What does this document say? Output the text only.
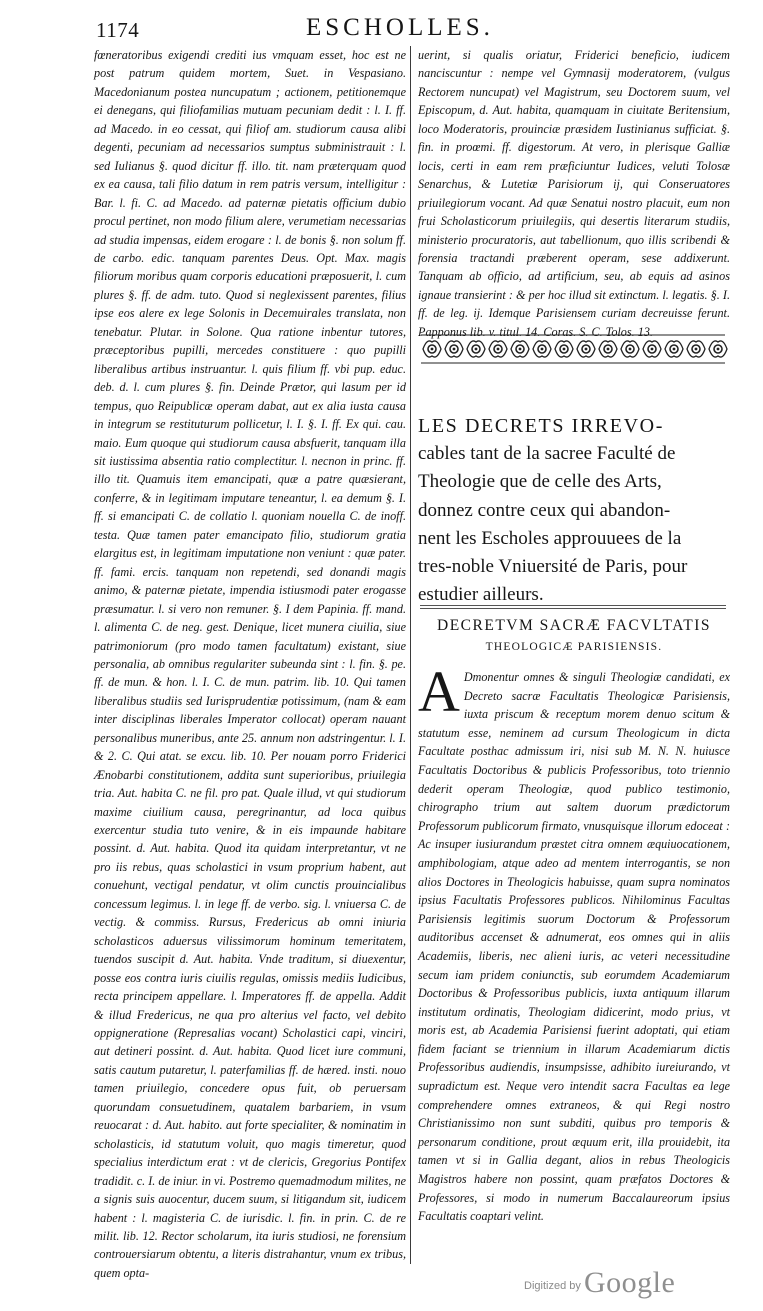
1174	ESCHOLLES.

fœneratoribus exigendi crediti ius vmquam esset, hoc est ne post patrum quidem mortem, Suet. in Vespasiano. Macedonianum postea nuncupatum ; actionem, petitionemque ei denegans, qui filiofamilias mutuam pecuniam dedit : l. I. ff. ad Macedo. in eo cessat, qui filiof am. studiorum causa alibi degenti, pecuniam ad necessarios sumptus subministrauit : l. sed Iulianus §. quod dicitur ff. illo. tit. nam præterquam quod ex ea causa, tali filio datum in rem patris versum, intelligitur : Bar. l. fi. C. ad Macedo. ad paternæ pietatis officium dubio procul pertinet, non modo filium alere, verumetiam necessarias ad studia impensas, eidem erogare : l. de bonis §. non solum ff. de carbo. edic. tanquam parentes Deus. Opt. Max. magis filiorum moribus quam corporis educationi præposuerit, l. cum plures §. ff. de adm. tuto. Quod si neglexissent parentes, filius ipse eos alere ex lege Solonis in Decemuirales translata, non tenebatur. Plutar. in Solone. Qua ratione inbentur tutores, præceptoribus pupilli, mercedes constituere : quo pupilli liberalibus artibus instruantur. l. quis filium ff. vbi pup. educ. deb. d. l. cum plures §. fin. Deinde Prætor, qui lasum per id tempus, quo Reipublicæ operam dabat, aut ex alia iusta causa in integrum se restituturum pollicetur, l. I. §. I. ff. Ex qui. cau. maio. Eum quoque qui studiorum causa absfuerit, tanquam illa sit iustissima absentia ratio complectitur. l. necnon in princ. ff. illo tit. Quamuis item emancipati, quæ a patre quæsierant, conferre, & in legitimam imputare teneantur, l. ea demum §. I. ff. si emancipati C. de collatio l. quoniam nouella C. de inoff. testa. Quæ tamen pater emancipato filio, studiorum gratia elargitus est, in legitimam imputatione non veniunt : quæ pater. ff. fami. ercis. tanquam non repetendi, sed donandi magis animo, & paternæ pietate, impendia istiusmodi pater erogasse præsumatur. l. si vero non remuner. §. I dem Papinia. ff. mand. l. alimenta C. de neg. gest. Denique, licet munera ciuilia, siue patrimoniorum (pro modo tamen facultatum) existant, siue personalia, ab omnibus regulariter subeunda sint : l. fin. §. pe. ff. de mun. & hon. l. I. C. de mun. patrim. lib. 10. Qui tamen liberalibus studiis sed Iurisprudentiæ potissimum, (nam & eam inter disciplinas liberales Imperator collocat) operam nauant personalibus muneribus, ante 25. annum non adstringentur. l. I. & 2. C. Qui atat. se excu. lib. 10. Per nouam porro Friderici Ænobarbi constitutionem, addita sunt superioribus, priuilegia tria. Aut. habita C. ne fil. pro pat. Quale illud, vt qui studiorum maxime ciuilium causa, peregrinantur, ad loca quibus exercentur studia tuto venire, & in eis impaunde habitare possint. d. Aut. habita. Quod ita quidam interpretantur, vt ne pro iis rebus, quas scholastici in vsum proprium habent, aut conuehunt, vectigal pendatur, vt olim cunctis prouincialibus concessum legimus. l. in lege ff. de verbo. sig. l. vniuersa C. de vectig. & commiss. Rursus, Fredericus ab omni iniuria scholasticos aduersus vilissimorum hominum temeritatem, tuendos suscipit d. Aut. habita. Vnde traditum, si diuexentur, posse eos contra iuris ciuilis regulas, omissis mediis Iudicibus, recta principem appellare. l. Imperatores ff. de appella. Addit & illud Fredericus, ne qua pro alterius vel facto, vel debito oppigneratione (Represalias vocant) Scholastici capi, vinciri, aut detineri possint. d. Aut. habita. Quod licet iure communi, satis cautum putaretur, l. paterfamilias ff. de hæred. insti. nouo tamen priuilegio, concedere opus fuit, ob peruersam quorundam consuetudinem, quatalem barbariem, in vsum reuocarat : d. Aut. habito. aut forte specialiter, & nominatim in scholasticis, id statutum voluit, quo magis timeretur, quod specialius interdictum erat : vt de clericis, Gregorius Pontifex tradidit. c. I. de iniur. in vi. Postremo quemadmodum milites, ne a signis suis auocentur, ducem suum, si litigandum sit, iudicem habent : l. magisteria C. de iurisdic. l. fin. in prin. C. de re milit. lib. 12. Rector scholarum, ita iuris studiosi, ne forensium controuersiarum obtentu, a literis distrahantur, vnum ex tribus, quem opta-

uerint, si qualis oriatur, Friderici beneficio, iudicem nanciscuntur : nempe vel Gymnasij moderatorem, (vulgus Rectorem nuncupat) vel Magistrum, seu Doctorem suum, vel Episcopum, d. Aut. habita, quamquam in ciuitate Beritensium, loco Moderatoris, prouinciæ præsidem Iustinianus sufficiat. §. fin. in proœmi. ff. digestorum. At vero, in plerisque Galliæ locis, certi in eam rem præficiuntur Iudices, veluti Tolosæ Senarchus, & Lutetiæ Parisiorum ij, qui Conseruatores priuilegiorum vocant. Ad quæ Senatui nostro placuit, eum non frui Scholasticorum priuilegiis, qui desertis literarum studiis, ministerio procuratoris, aut tabellionum, quo illis scribendi & forensia tractandi præberent operam, sese addixerunt. Tanquam ab officio, ad artificium, seu, ab equis ad asinos ignaue transierint : & per hoc illud sit extinctum. l. legatis. §. I. ff. de leg. ij. Idemque Parisiensem curiam decreuisse ferunt. Papponus lib. v. titul. 14. Coras. S. C. Tolos. 13.

LES DECRETS IRREVO-
cables tant de la sacree Faculté de
Theologie que de celle des Arts,
donnez contre ceux qui abandon-
nent les Escholes approuuees de la
tres-noble Vniuersité de Paris, pour
estudier ailleurs.
DECRETVM SACRÆ FACVLTATIS
THEOLOGICÆ PARISIENSIS.
A Dmonentur omnes & singuli Theologiæ candidati, ex Decreto sacræ Facultatis Theologicæ Parisiensis, iuxta priscum & receptum morem denuo scitum & statutum esse, neminem ad cursum Theologicum in dicta Facultate posthac admissum iri, nisi sub M. N. N. huiusce Facultatis Doctoribus & publicis Professoribus, toto triennio dederit operam Theologiæ, quod publico testimonio, chirographo trium aut saltem duorum prædictorum Professorum publicorum firmato, vnusquisque illorum edoceat : Ac insuper iusiurandum præstet citra omnem æquiuocationem, amphibologiam, atque adeo ad mentem interrogantis, se non alios Doctores in Theologicis habuisse, quam supra nominatos ipsius Facultatis Professores publicos. Nihilominus Facultas Parisiensis legitimis suorum Doctorum & Professorum auditoribus accenset & adnumerat, eos omnes qui in aliis Academiis, liberis, nec alieni iuris, ac veteri necessitudine secum iam pridem coniunctis, sub eorumdem Academiarum Doctoribus & Professoribus publicis, iuxta antiquum illarum institutum ordinatis, Theologiam didicerint, modo prius, vt moris est, ab Academia Parisiensi fuerint adoptati, qui etiam fidem faciant se triennium in illarum Academiarum dictis Professoribus audiendis, insumpsisse, adhibito iureiurando, vt supradictum est. Neque vero intendit sacra Facultas ea lege comprehendere omnes extraneos, & qui Regi nostro Christianissimo non sunt subditi, quibus pro temporis & personarum conditione, prout æquum erit, illa prouidebit, ita tamen vt si in Gallia degant, alios in rebus Theologicis Magistros habere non possint, quam præfatos Doctores & Professores, si modo in numerum Baccalaureorum ipsius Facultatis coaptari velint.
Digitized by Google
